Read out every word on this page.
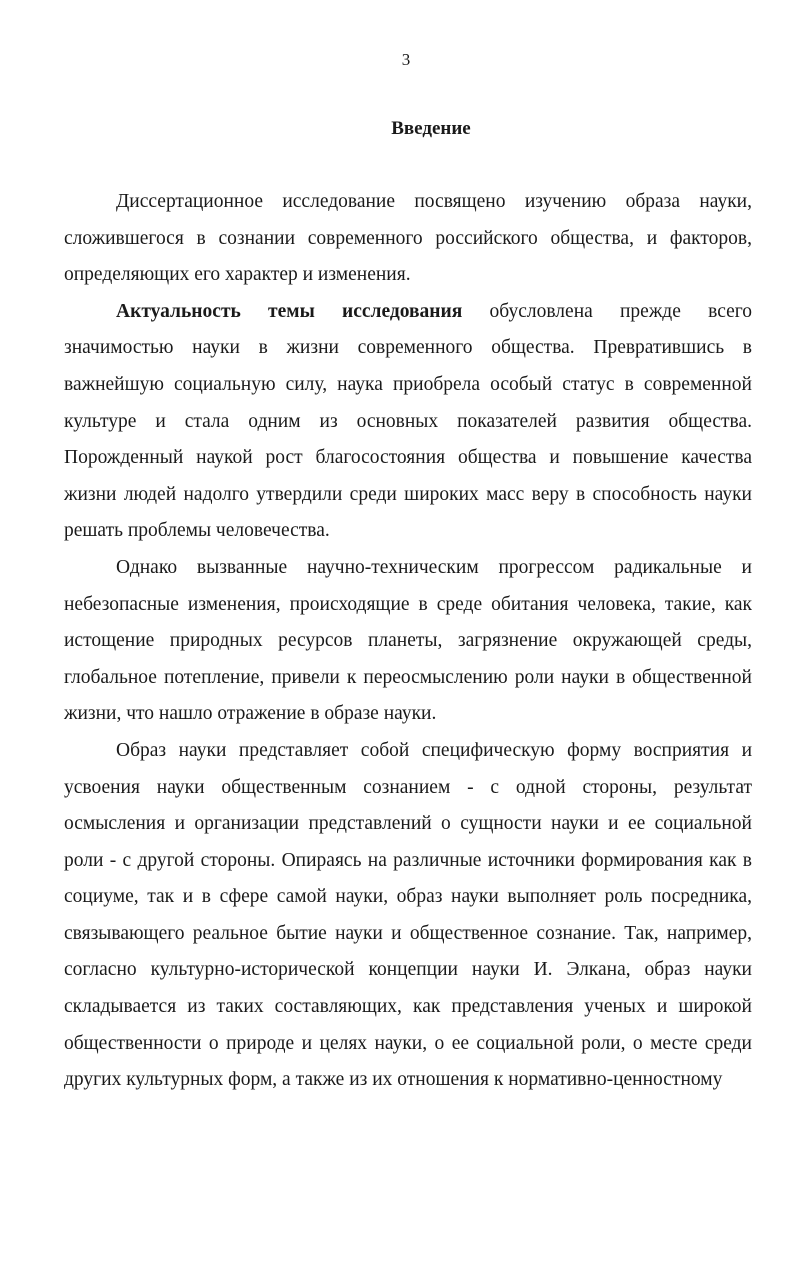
3
Введение

Диссертационное исследование посвящено изучению образа науки, сложившегося в сознании современного российского общества, и факторов, определяющих его характер и изменения.

Актуальность темы исследования обусловлена прежде всего значимостью науки в жизни современного общества. Превратившись в важнейшую социальную силу, наука приобрела особый статус в современной культуре и стала одним из основных показателей развития общества. Порожденный наукой рост благосостояния общества и повышение качества жизни людей надолго утвердили среди широких масс веру в способность науки решать проблемы человечества.

Однако вызванные научно-техническим прогрессом радикальные и небезопасные изменения, происходящие в среде обитания человека, такие, как истощение природных ресурсов планеты, загрязнение окружающей среды, глобальное потепление, привели к переосмыслению роли науки в общественной жизни, что нашло отражение в образе науки.

Образ науки представляет собой специфическую форму восприятия и усвоения науки общественным сознанием - с одной стороны, результат осмысления и организации представлений о сущности науки и ее социальной роли - с другой стороны. Опираясь на различные источники формирования как в социуме, так и в сфере самой науки, образ науки выполняет роль посредника, связывающего реальное бытие науки и общественное сознание. Так, например, согласно культурно-исторической концепции науки И. Элкана, образ науки складывается из таких составляющих, как представления ученых и широкой общественности о природе и целях науки, о ее социальной роли, о месте среди других культурных форм, а также из их отношения к нормативно-ценностному
